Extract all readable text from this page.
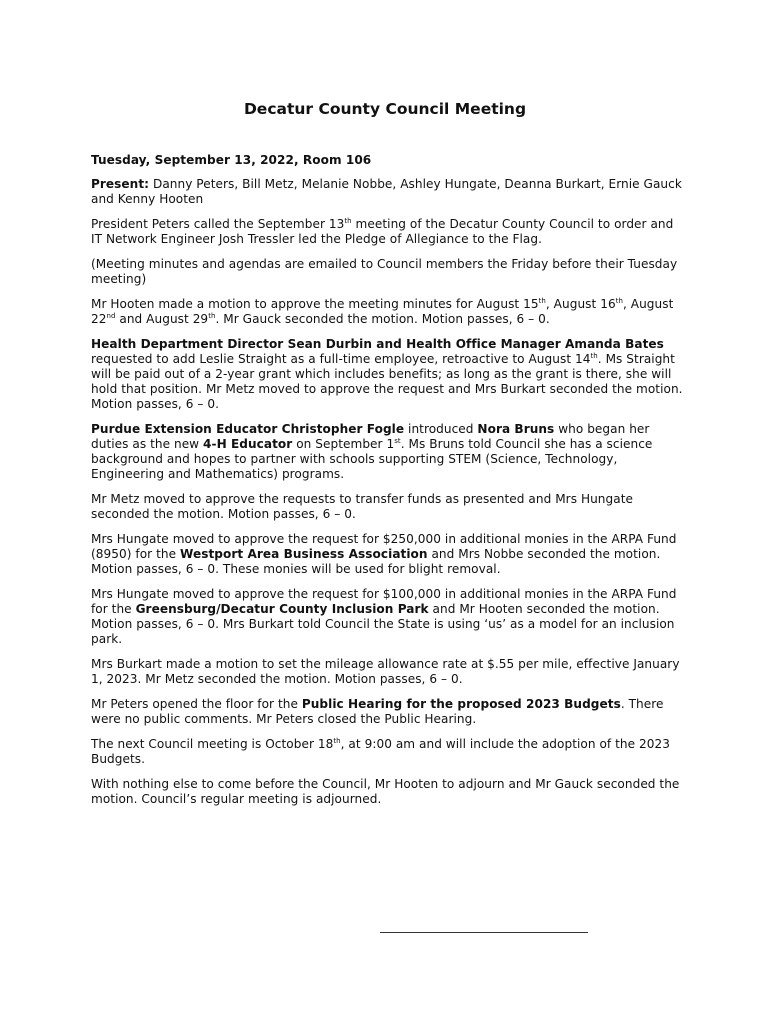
Decatur County Council Meeting

Tuesday, September 13, 2022, Room 106

Present: Danny Peters, Bill Metz, Melanie Nobbe, Ashley Hungate, Deanna Burkart, Ernie Gauck and Kenny Hooten

President Peters called the September 13th meeting of the Decatur County Council to order and IT Network Engineer Josh Tressler led the Pledge of Allegiance to the Flag.

(Meeting minutes and agendas are emailed to Council members the Friday before their Tuesday meeting)

Mr Hooten made a motion to approve the meeting minutes for August 15th, August 16th, August 22nd and August 29th. Mr Gauck seconded the motion. Motion passes, 6 – 0.

Health Department Director Sean Durbin and Health Office Manager Amanda Bates requested to add Leslie Straight as a full-time employee, retroactive to August 14th. Ms Straight will be paid out of a 2-year grant which includes benefits; as long as the grant is there, she will hold that position. Mr Metz moved to approve the request and Mrs Burkart seconded the motion. Motion passes, 6 – 0.

Purdue Extension Educator Christopher Fogle introduced Nora Bruns who began her duties as the new 4-H Educator on September 1st. Ms Bruns told Council she has a science background and hopes to partner with schools supporting STEM (Science, Technology, Engineering and Mathematics) programs.

Mr Metz moved to approve the requests to transfer funds as presented and Mrs Hungate seconded the motion. Motion passes, 6 – 0.

Mrs Hungate moved to approve the request for $250,000 in additional monies in the ARPA Fund (8950) for the Westport Area Business Association and Mrs Nobbe seconded the motion. Motion passes, 6 – 0. These monies will be used for blight removal.

Mrs Hungate moved to approve the request for $100,000 in additional monies in the ARPA Fund for the Greensburg/Decatur County Inclusion Park and Mr Hooten seconded the motion. Motion passes, 6 – 0. Mrs Burkart told Council the State is using ‘us’ as a model for an inclusion park.

Mrs Burkart made a motion to set the mileage allowance rate at $.55 per mile, effective January 1, 2023. Mr Metz seconded the motion. Motion passes, 6 – 0.

Mr Peters opened the floor for the Public Hearing for the proposed 2023 Budgets. There were no public comments. Mr Peters closed the Public Hearing.

The next Council meeting is October 18th, at 9:00 am and will include the adoption of the 2023 Budgets.

With nothing else to come before the Council, Mr Hooten to adjourn and Mr Gauck seconded the motion. Council’s regular meeting is adjourned.
